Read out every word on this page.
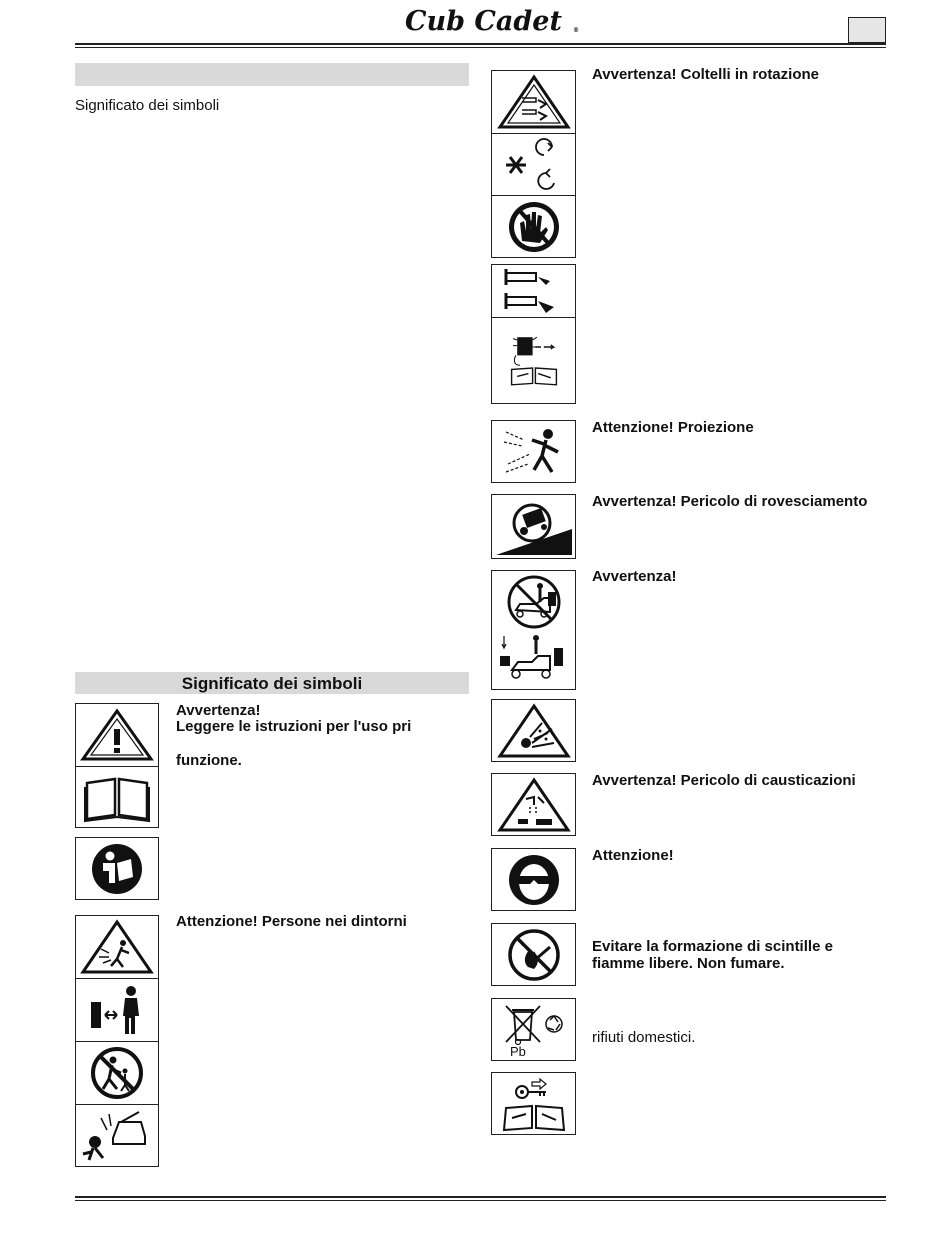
Cub Cadet ®
Significato dei simboli
Significato dei simboli
Avvertenza!
Leggere le istruzioni per l'uso pri
funzione.
Attenzione! Persone nei dintorni
Avvertenza! Coltelli in rotazione
Attenzione! Proiezione
Avvertenza! Pericolo di rovesciamento
Avvertenza!
Avvertenza! Pericolo di causticazioni
Attenzione!
Evitare la formazione di scintille e
fiamme libere. Non fumare.
Pb
rifiuti domestici.
